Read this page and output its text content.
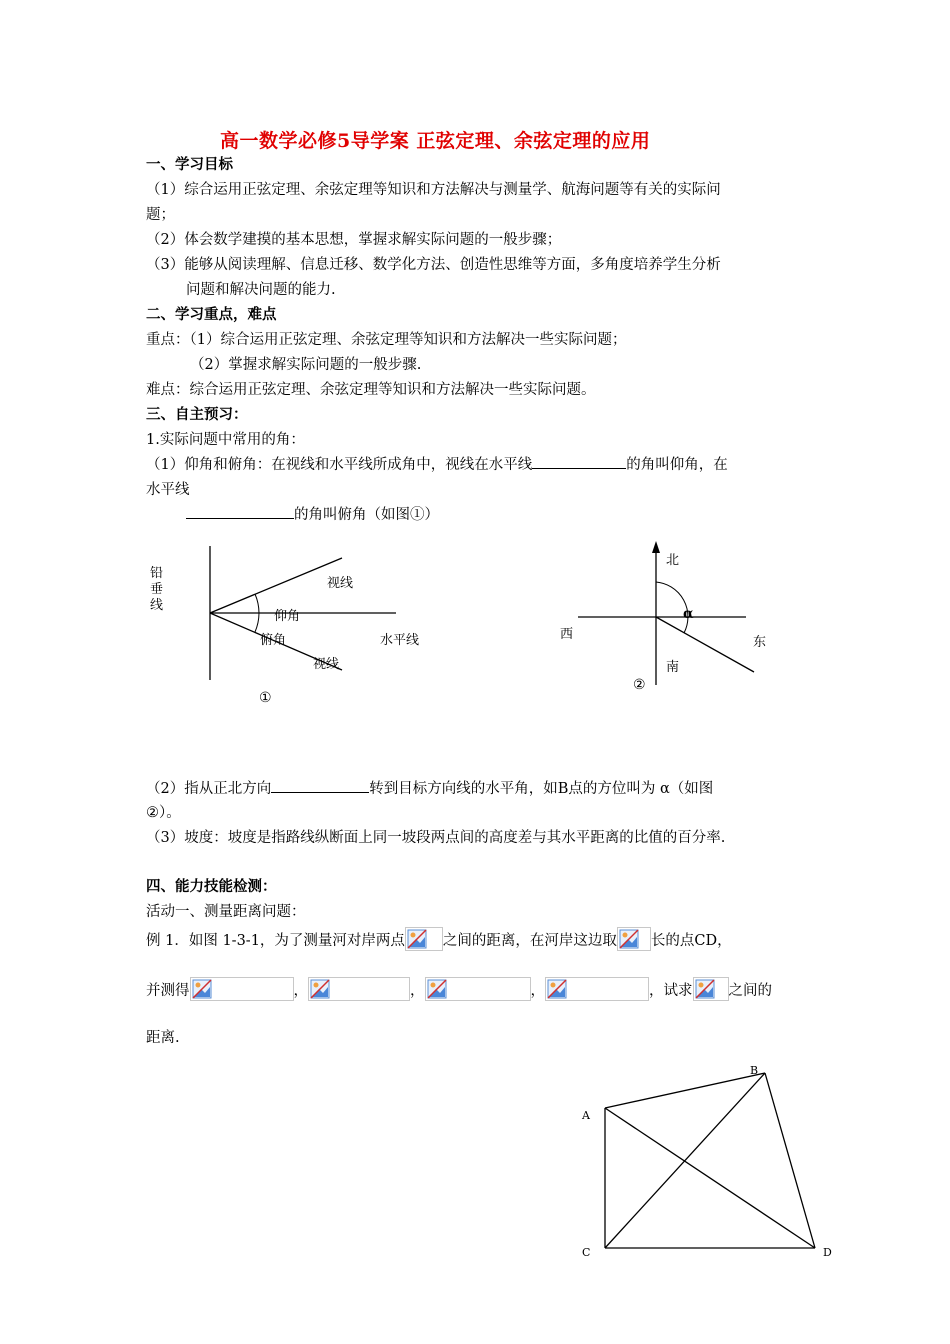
高一数学必修5导学案 正弦定理、余弦定理的应用
一、学习目标
（1）综合运用正弦定理、余弦定理等知识和方法解决与测量学、航海问题等有关的实际问
题；
（2）体会数学建摸的基本思想，掌握求解实际问题的一般步骤；
（3）能够从阅读理解、信息迁移、数学化方法、创造性思维等方面，多角度培养学生分析
问题和解决问题的能力.
二、学习重点，难点
重点：（1）综合运用正弦定理、余弦定理等知识和方法解决一些实际问题；
（2）掌握求解实际问题的一般步骤.
难点：综合运用正弦定理、余弦定理等知识和方法解决一些实际问题。
三、自主预习：
1.实际问题中常用的角：
（1）仰角和俯角：在视线和水平线所成角中，视线在水平线	的角叫仰角，在
水平线
的角叫俯角（如图①）
铅
垂
线
视线
仰角
俯角	水平线
视线
①
北
西
东
南
α
②
（2）指从正北方向	转到目标方向线的水平角，如B点的方位叫为 α（如图
②）。
（3）坡度：坡度是指路线纵断面上同一坡段两点间的高度差与其水平距离的比值的百分率.
四、能力技能检测：
活动一、测量距离问题：
例 1．如图 1-3-1，为了测量河对岸两点	之间的距离，在河岸这边取 长的点CD，
并测得	，	，	，	，试求 之间的
距离.
A
B
C	D
